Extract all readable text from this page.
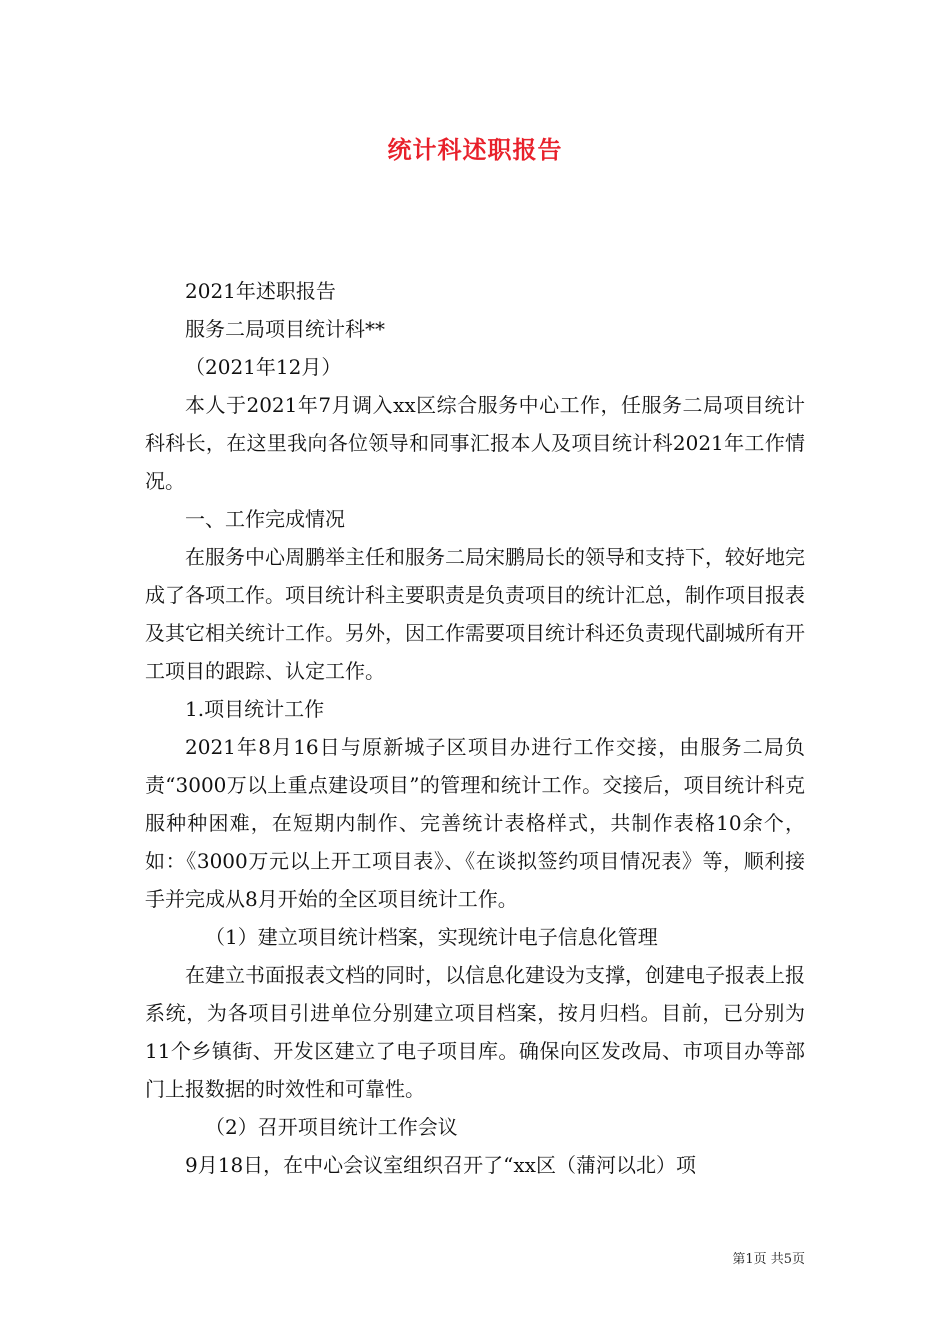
统计科述职报告

2021年述职报告

服务二局项目统计科**

（2021年12月）

本人于2021年7月调入xx区综合服务中心工作，任服务二局项目统计科科长，在这里我向各位领导和同事汇报本人及项目统计科2021年工作情况。

一、工作完成情况

在服务中心周鹏举主任和服务二局宋鹏局长的领导和支持下，较好地完成了各项工作。项目统计科主要职责是负责项目的统计汇总，制作项目报表及其它相关统计工作。另外，因工作需要项目统计科还负责现代副城所有开工项目的跟踪、认定工作。

1.项目统计工作

2021年8月16日与原新城子区项目办进行工作交接，由服务二局负责“3000万以上重点建设项目”的管理和统计工作。交接后，项目统计科克服种种困难，在短期内制作、完善统计表格样式，共制作表格10余个，如：《3000万元以上开工项目表》、《在谈拟签约项目情况表》等，顺利接手并完成从8月开始的全区项目统计工作。

（1）建立项目统计档案，实现统计电子信息化管理

在建立书面报表文档的同时，以信息化建设为支撑，创建电子报表上报系统，为各项目引进单位分别建立项目档案，按月归档。目前，已分别为11个乡镇街、开发区建立了电子项目库。确保向区发改局、市项目办等部门上报数据的时效性和可靠性。

（2）召开项目统计工作会议

9月18日，在中心会议室组织召开了“xx区（蒲河以北）项

第1页 共5页
